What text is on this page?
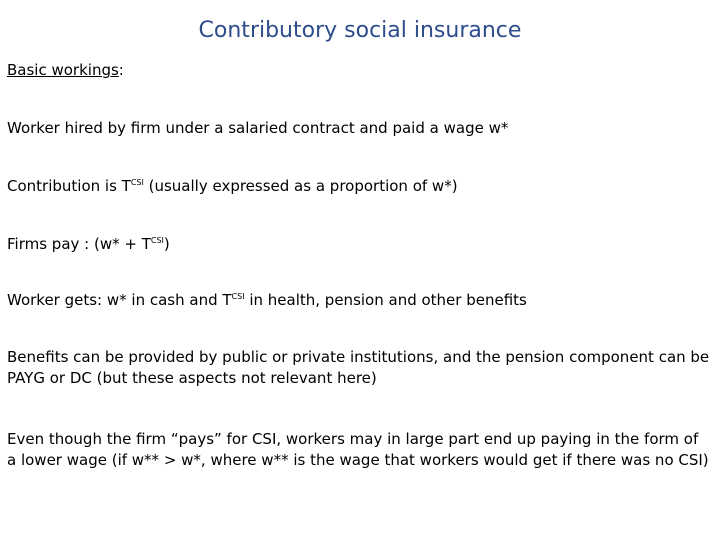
Contributory social insurance

Basic workings:

Worker hired by firm under a salaried contract and paid a wage w*

Contribution is $T^{CSI}$ (usually expressed as a proportion of w*)

Firms pay : $(w* + T^{CSI})$

Worker gets: w* in cash and $T^{CSI}$ in health, pension and other benefits

Benefits can be provided by public or private institutions, and the pension component can be PAYG or DC (but these aspects not relevant here)

Even though the firm “pays” for CSI, workers may in large part end up paying in the form of a lower wage (if w** > w*, where w** is the wage that workers would get if there was no CSI)
